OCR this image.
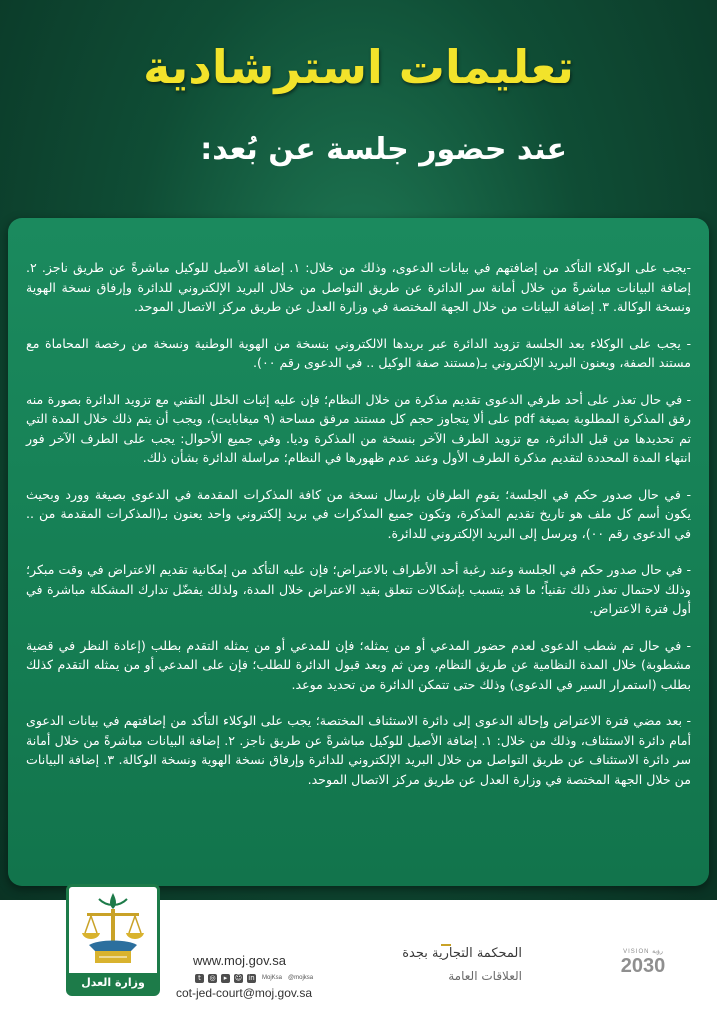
تعليمات استرشادية
عند حضور جلسة عن بُعد:

-يجب على الوكلاء التأكد من إضافتهم في بيانات الدعوى، وذلك من خلال: ١. إضافة الأصيل للوكيل مباشرةً عن طريق ناجز. ٢. إضافة البيانات مباشرةً من خلال أمانة سر الدائرة عن طريق التواصل من خلال البريد الإلكتروني للدائرة وإرفاق نسخة الهوية ونسخة الوكالة. ٣. إضافة البيانات من خلال الجهة المختصة في وزارة العدل عن طريق مركز الاتصال الموحد.

- يجب على الوكلاء بعد الجلسة تزويد الدائرة عبر بريدها الالكتروني بنسخة من الهوية الوطنية ونسخة من رخصة المحاماة مع مستند الصفة، ويعنون البريد الإلكتروني بـ(مستند صفة الوكيل .. في الدعوى رقم ٠٠).

- في حال تعذر على أحد طرفي الدعوى تقديم مذكرة من خلال النظام؛ فإن عليه إثبات الخلل التقني مع تزويد الدائرة بصورة منه رفق المذكرة المطلوبة بصيغة pdf على ألا يتجاوز حجم كل مستند مرفق مساحة (٩ ميغابايت)، ويجب أن يتم ذلك خلال المدة التي تم تحديدها من قبل الدائرة، مع تزويد الطرف الآخر بنسخة من المذكرة وديا. وفي جميع الأحوال: يجب على الطرف الآخر فور انتهاء المدة المحددة لتقديم مذكرة الطرف الأول وعند عدم ظهورها في النظام؛ مراسلة الدائرة بشأن ذلك.

- في حال صدور حكم في الجلسة؛ يقوم الطرفان بإرسال نسخة من كافة المذكرات المقدمة في الدعوى بصيغة وورد وبحيث يكون أسم كل ملف هو تاريخ تقديم المذكرة، وتكون جميع المذكرات في بريد إلكتروني واحد يعنون بـ(المذكرات المقدمة من .. في الدعوى رقم ٠٠)، ويرسل إلى البريد الإلكتروني للدائرة.

- في حال صدور حكم في الجلسة وعند رغبة أحد الأطراف بالاعتراض؛ فإن عليه التأكد من إمكانية تقديم الاعتراض في وقت مبكر؛ وذلك لاحتمال تعذر ذلك تقنياً؛ ما قد يتسبب بإشكالات تتعلق بقيد الاعتراض خلال المدة، ولذلك يفضّل تدارك المشكلة مباشرة في أول فترة الاعتراض.

- في حال تم شطب الدعوى لعدم حضور المدعي أو من يمثله؛ فإن للمدعي أو من يمثله التقدم بطلب (إعادة النظر في قضية مشطوبة) خلال المدة النظامية عن طريق النظام، ومن ثم وبعد قبول الدائرة للطلب؛ فإن على المدعي أو من يمثله التقدم كذلك بطلب (استمرار السير في الدعوى) وذلك حتى تتمكن الدائرة من تحديد موعد.

- بعد مضي فترة الاعتراض وإحالة الدعوى إلى دائرة الاستئناف المختصة؛ يجب على الوكلاء التأكد من إضافتهم في بيانات الدعوى أمام دائرة الاستئناف، وذلك من خلال: ١. إضافة الأصيل للوكيل مباشرةً عن طريق ناجز. ٢. إضافة البيانات مباشرةً من خلال أمانة سر دائرة الاستئناف عن طريق التواصل من خلال البريد الإلكتروني للدائرة وإرفاق نسخة الهوية ونسخة الوكالة. ٣. إضافة البيانات من خلال الجهة المختصة في وزارة العدل عن طريق مركز الاتصال الموحد.

وزارة العدل
www.moj.gov.sa
t	◎	▸	☺ in MojKsa @mojksa
cot-jed-court@moj.gov.sa
المحكمة التجارية بجدة
العلاقات العامة
VISION رؤية
2030
